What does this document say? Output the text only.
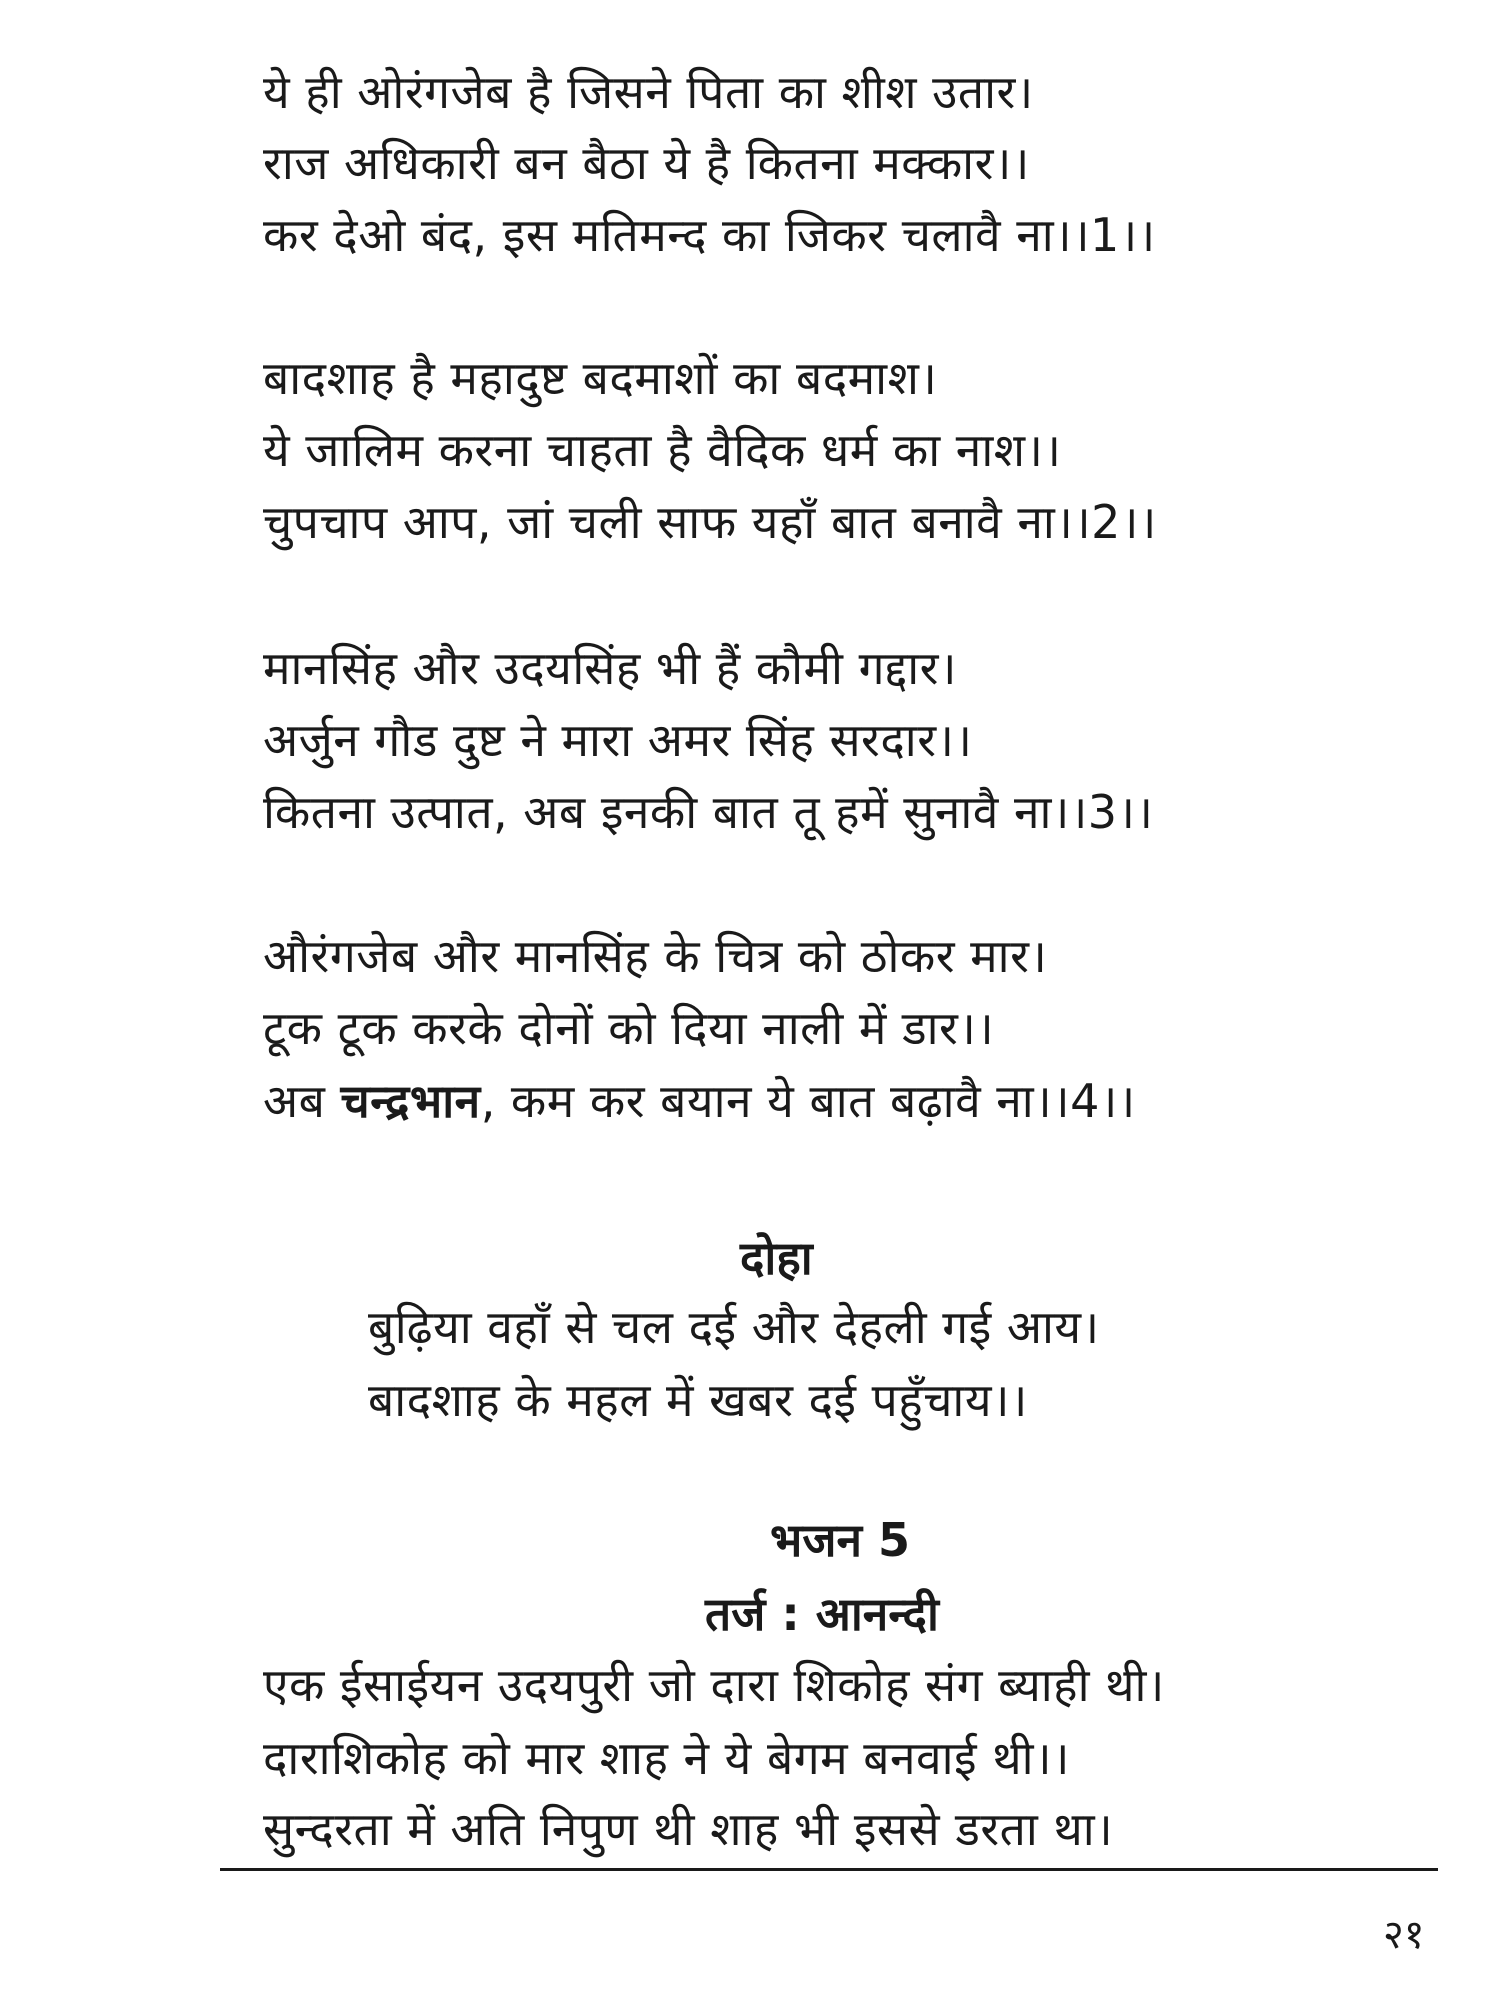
ये ही ओरंगजेब है जिसने पिता का शीश उतार।
राज अधिकारी बन बैठा ये है कितना मक्कार।।
कर देओ बंद, इस मतिमन्द का जिकर चलावै ना।।1।।
बादशाह है महादुष्ट बदमाशों का बदमाश।
ये जालिम करना चाहता है वैदिक धर्म का नाश।।
चुपचाप आप, जां चली साफ यहाँ बात बनावै ना।।2।।
मानसिंह और उदयसिंह भी हैं कौमी गद्दार।
अर्जुन गौड दुष्ट ने मारा अमर सिंह सरदार।।
कितना उत्पात, अब इनकी बात तू हमें सुनावै ना।।3।।
औरंगजेब और मानसिंह के चित्र को ठोकर मार।
टूक टूक करके दोनों को दिया नाली में डार।।
अब चन्द्रभान, कम कर बयान ये बात बढ़ावै ना।।4।।
दोहा
बुढ़िया वहाँ से चल दई और देहली गई आय।
बादशाह के महल में खबर दई पहुँचाय।।
भजन 5
तर्ज : आनन्दी
एक ईसाईयन उदयपुरी जो दारा शिकोह संग ब्याही थी।
दाराशिकोह को मार शाह ने ये बेगम बनवाई थी।।
सुन्दरता में अति निपुण थी शाह भी इससे डरता था।
२१
